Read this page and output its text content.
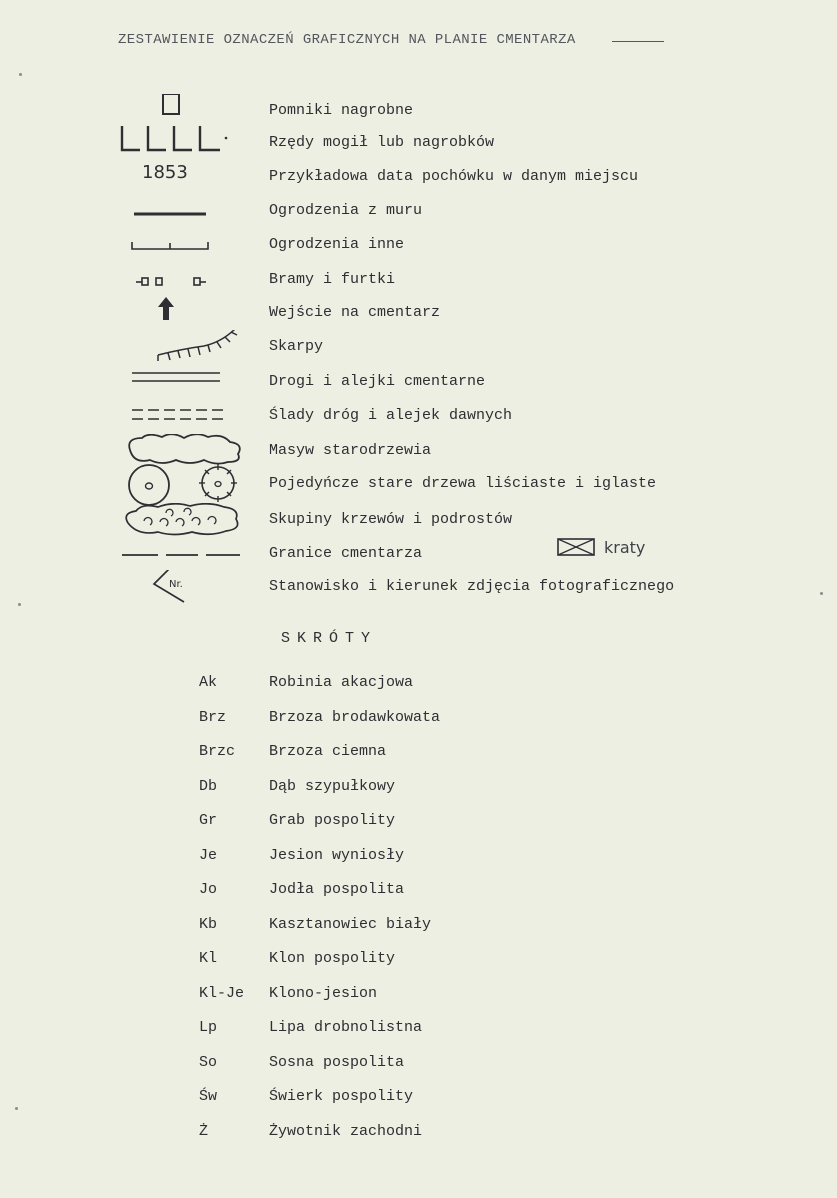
ZESTAWIENIE OZNACZEŃ GRAFICZNYCH NA PLANIE CMENTARZA
Pomniki nagrobne
Rzędy mogił lub nagrobków
1853	Przykładowa data pochówku w danym miejscu
Ogrodzenia z muru
Ogrodzenia inne
Bramy i furtki
Wejście na cmentarz
Skarpy
Drogi i alejki cmentarne
Ślady dróg i alejek dawnych
Masyw starodrzewia
Pojedyńcze stare drzewa liściaste i iglaste
Skupiny krzewów i podrostów
Granice cmentarza
Nr.	Stanowisko i kierunek zdjęcia fotograficznego
kraty
SKRÓTY
Ak	Robinia akacjowa
Brz	Brzoza brodawkowata
Brzc Brzoza ciemna
Db	Dąb szypułkowy
Gr	Grab pospolity
Je	Jesion wyniosły
Jo	Jodła pospolita
Kb	Kasztanowiec biały
Kl	Klon pospolity
Kl-Je Klono-jesion
Lp	Lipa drobnolistna
So	Sosna pospolita
Św	Świerk pospolity
Ż	Żywotnik zachodni
